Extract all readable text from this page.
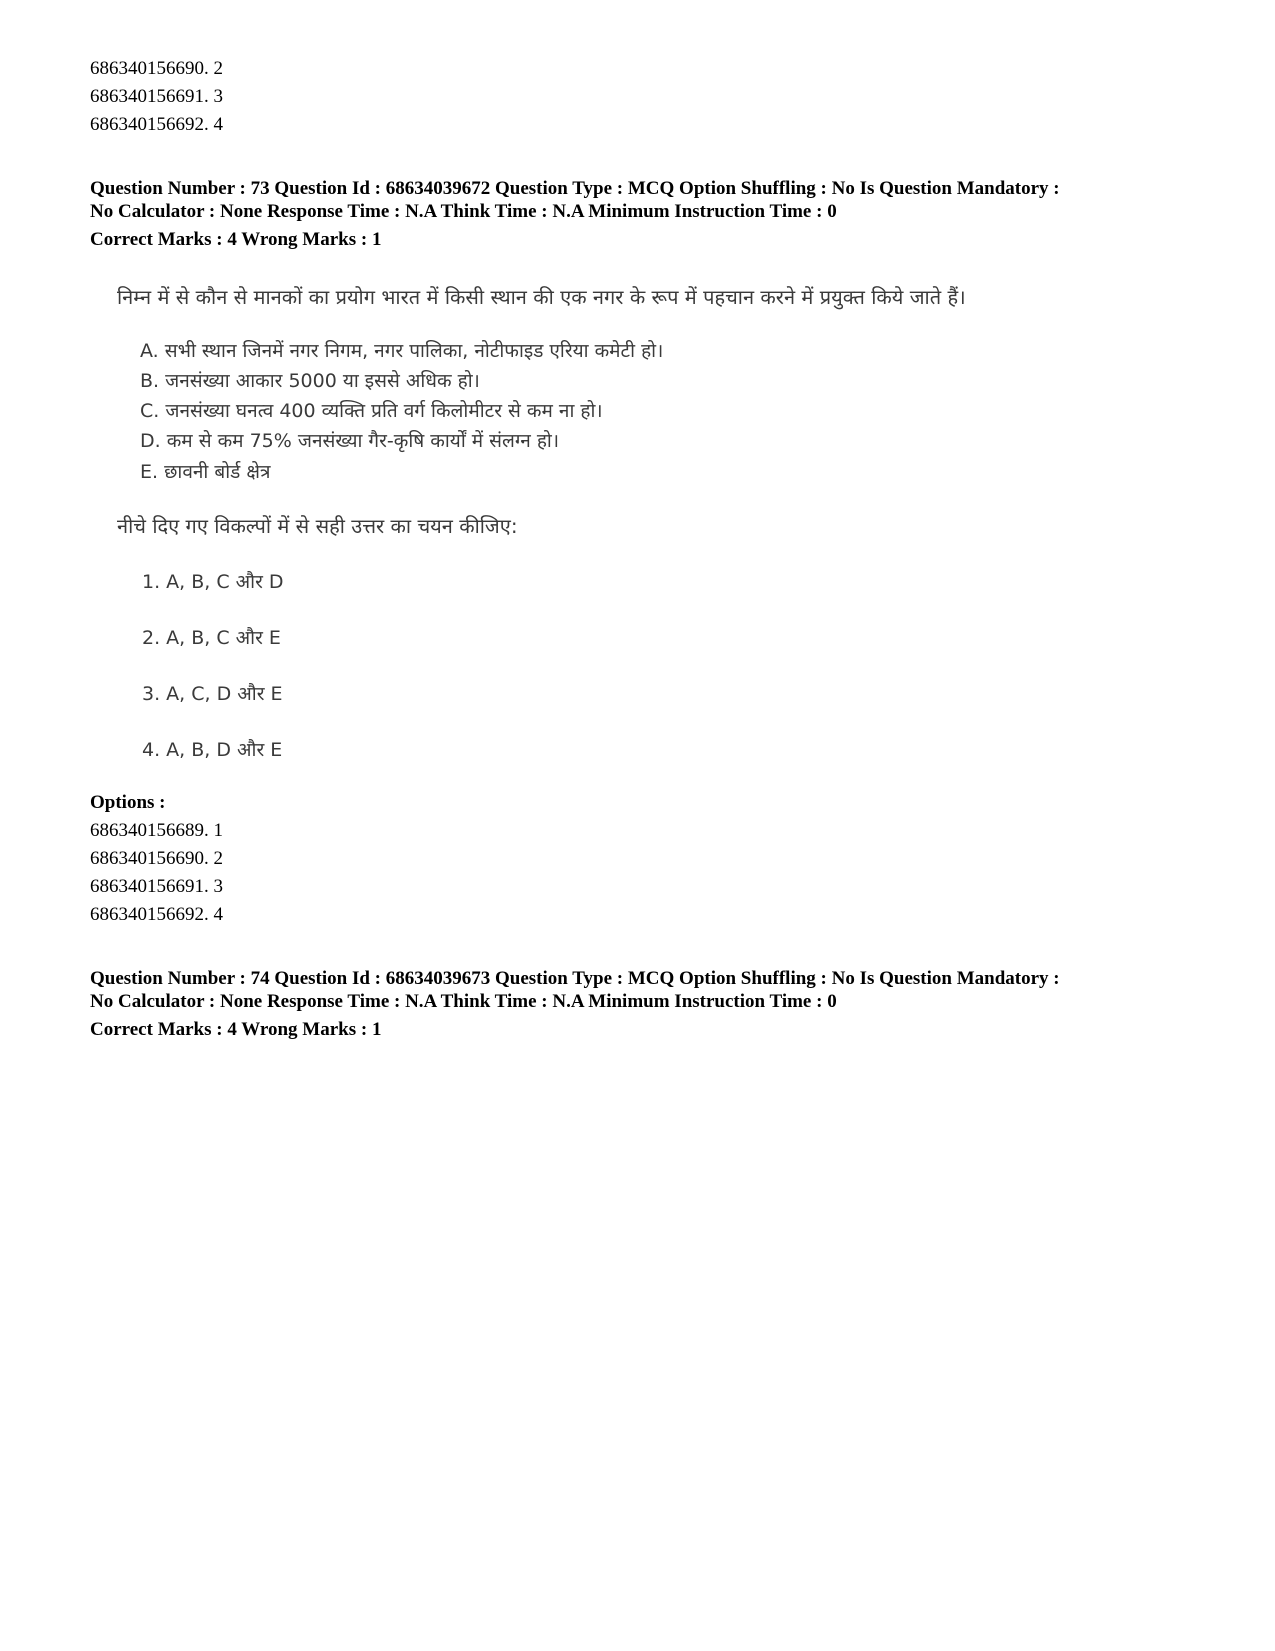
686340156690. 2
686340156691. 3
686340156692. 4
Question Number : 73 Question Id : 68634039672 Question Type : MCQ Option Shuffling : No Is Question Mandatory :
No Calculator : None Response Time : N.A Think Time : N.A Minimum Instruction Time : 0
Correct Marks : 4 Wrong Marks : 1
निम्न में से कौन से मानकों का प्रयोग भारत में किसी स्थान की एक नगर के रूप में पहचान करने में प्रयुक्त किये जाते हैं।
A. सभी स्थान जिनमें नगर निगम, नगर पालिका, नोटीफाइड एरिया कमेटी हो।
B. जनसंख्या आकार 5000 या इससे अधिक हो।
C. जनसंख्या घनत्व 400 व्यक्ति प्रति वर्ग किलोमीटर से कम ना हो।
D. कम से कम 75% जनसंख्या गैर-कृषि कार्यों में संलग्न हो।
E. छावनी बोर्ड क्षेत्र
नीचे दिए गए विकल्पों में से सही उत्तर का चयन कीजिए:
1. A, B, C और D
2. A, B, C और E
3. A, C, D और E
4. A, B, D और E
Options :
686340156689. 1
686340156690. 2
686340156691. 3
686340156692. 4
Question Number : 74 Question Id : 68634039673 Question Type : MCQ Option Shuffling : No Is Question Mandatory :
No Calculator : None Response Time : N.A Think Time : N.A Minimum Instruction Time : 0
Correct Marks : 4 Wrong Marks : 1
